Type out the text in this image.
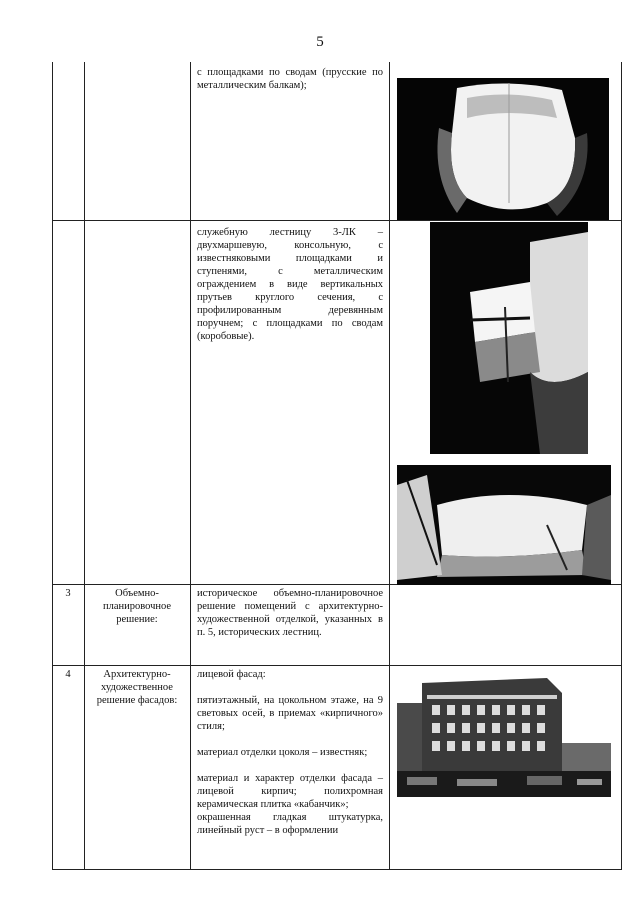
5

с площадками по сводам (прусские по металлическим балкам);

служебную лестницу 3-ЛК – двухмаршевую, консольную, с известняковыми площадками и ступенями, с металлическим ограждением в виде вертикальных прутьев круглого сечения, с профилированным деревянным поручнем; с площадками по сводам (коробовые).

3	Объемно-планировочное решение:

историческое объемно-планировочное решение помещений с архитектурно-художественной отделкой, указанных в п. 5, исторических лестниц.

4	Архитектурно-художественное решение фасадов:

лицевой фасад:

пятиэтажный, на цокольном этаже, на 9 световых осей, в приемах «кирпичного» стиля;

материал отделки цоколя – известняк;

материал и характер отделки фасада – лицевой кирпич; полихромная керамическая плитка «кабанчик»;

окрашенная гладкая штукатурка, линейный руст – в оформлении
